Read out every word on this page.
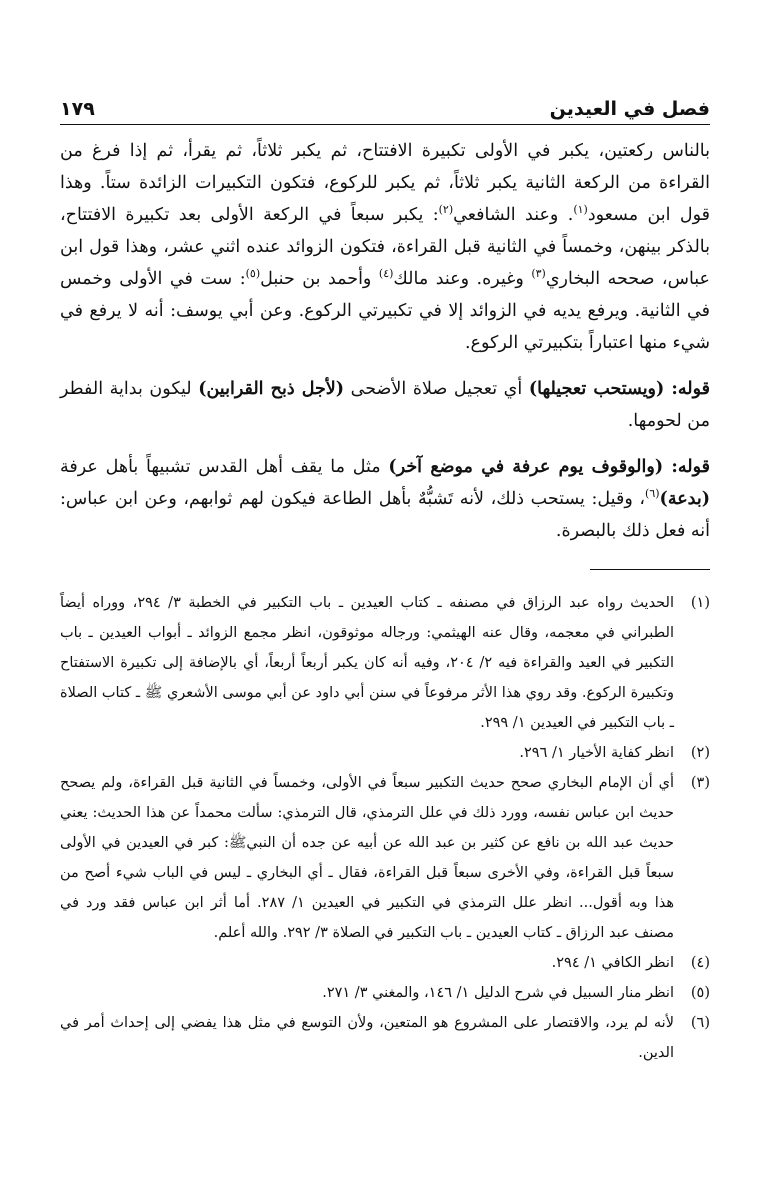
فصل في العيدين
١٧٩

بالناس ركعتين، يكبر في الأولى تكبيرة الافتتاح، ثم يكبر ثلاثاً، ثم يقرأ، ثم إذا فرغ من القراءة من الركعة الثانية يكبر ثلاثاً، ثم يكبر للركوع، فتكون التكبيرات الزائدة ستاً. وهذا قول ابن مسعود$^{(١)}$. وعند الشافعي$^{(٢)}$: يكبر سبعاً في الركعة الأولى بعد تكبيرة الافتتاح، بالذكر بينهن، وخمساً في الثانية قبل القراءة، فتكون الزوائد عنده اثني عشر، وهذا قول ابن عباس، صححه البخاري$^{(٣)}$ وغيره. وعند مالك$^{(٤)}$ وأحمد بن حنبل$^{(٥)}$: ست في الأولى وخمس في الثانية. ويرفع يديه في الزوائد إلا في تكبيرتي الركوع. وعن أبي يوسف: أنه لا يرفع في شيء منها اعتباراً بتكبيرتي الركوع.

قوله: (ويستحب تعجيلها) أي تعجيل صلاة الأضحى (لأجل ذبح القرابين) ليكون بداية الفطر من لحومها.

قوله: (والوقوف يوم عرفة في موضع آخر) مثل ما يقف أهل القدس تشبيهاً بأهل عرفة (بدعة)$^{(٦)}$، وقيل: يستحب ذلك، لأنه تَشبُّهٌ بأهل الطاعة فيكون لهم ثوابهم، وعن ابن عباس: أنه فعل ذلك بالبصرة.

(١)
الحديث رواه عبد الرزاق في مصنفه ـ كتاب العيدين ـ باب التكبير في الخطبة ٣/ ٢٩٤، ووراه أيضاً الطبراني في معجمه، وقال عنه الهيثمي: ورجاله موثوقون، انظر مجمع الزوائد ـ أبواب العيدين ـ باب التكبير في العيد والقراءة فيه ٢/ ٢٠٤، وفيه أنه كان يكبر أربعاً أربعاً، أي بالإضافة إلى تكبيرة الاستفتاح وتكبيرة الركوع. وقد روي هذا الأثر مرفوعاً في سنن أبي داود عن أبي موسى الأشعري ﷺ ـ كتاب الصلاة ـ باب التكبير في العيدين ١/ ٢٩٩.
(٢)
انظر كفاية الأخيار ١/ ٢٩٦.
(٣)
أي أن الإمام البخاري صحح حديث التكبير سبعاً في الأولى، وخمساً في الثانية قبل القراءة، ولم يصحح حديث ابن عباس نفسه، وورد ذلك في علل الترمذي، قال الترمذي: سألت محمداً عن هذا الحديث: يعني حديث عبد الله بن نافع عن كثير بن عبد الله عن أبيه عن جده أن النبيﷺ: كبر في العيدين في الأولى سبعاً قبل القراءة، وفي الأخرى سبعاً قبل القراءة، فقال ـ أي البخاري ـ ليس في الباب شيء أصح من هذا وبه أقول... انظر علل الترمذي في التكبير في العيدين ١/ ٢٨٧. أما أثر ابن عباس فقد ورد في مصنف عبد الرزاق ـ كتاب العيدين ـ باب التكبير في الصلاة ٣/ ٢٩٢. والله أعلم.
(٤)
انظر الكافي ١/ ٢٩٤.
(٥)
انظر منار السبيل في شرح الدليل ١/ ١٤٦، والمغني ٣/ ٢٧١.
(٦)
لأنه لم يرد، والاقتصار على المشروع هو المتعين، ولأن التوسع في مثل هذا يفضي إلى إحداث أمر في الدين.
